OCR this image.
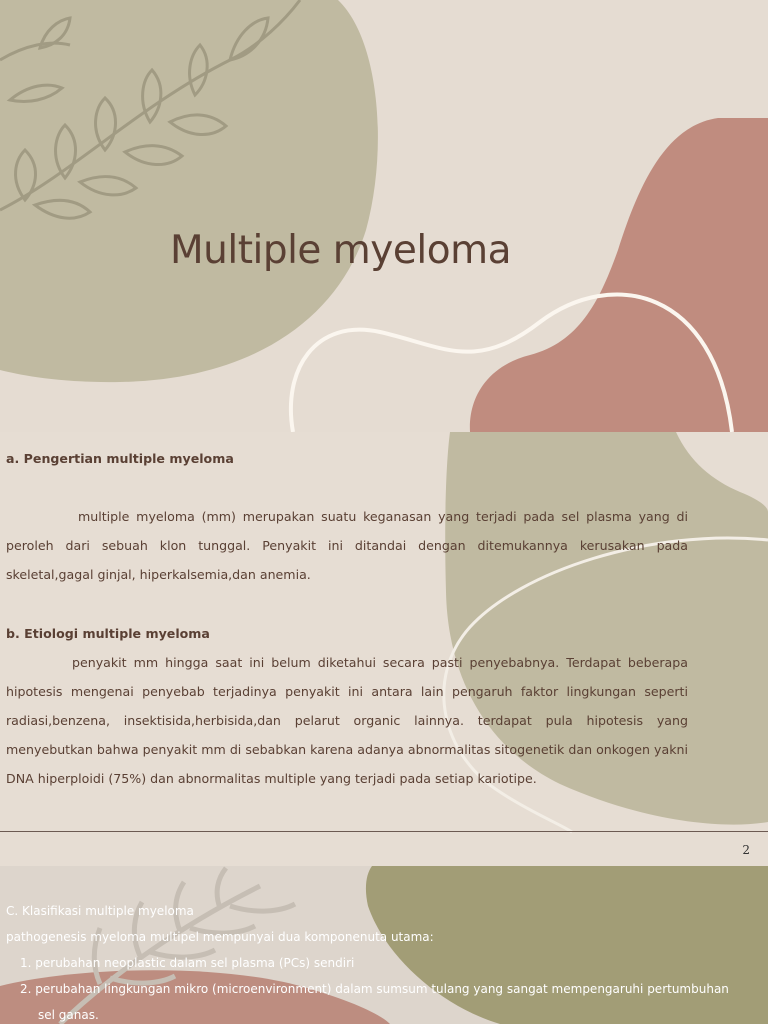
Multiple myeloma

a. Pengertian multiple myeloma

multiple myeloma (mm) merupakan suatu keganasan yang terjadi pada sel plasma yang di peroleh dari sebuah klon tunggal. Penyakit ini ditandai dengan ditemukannya kerusakan pada skeletal,gagal ginjal, hiperkalsemia,dan anemia.

b. Etiologi multiple myeloma

penyakit mm hingga saat ini belum diketahui secara pasti penyebabnya. Terdapat beberapa hipotesis mengenai penyebab terjadinya penyakit ini antara lain pengaruh faktor lingkungan seperti radiasi,benzena, insektisida,herbisida,dan pelarut organic lainnya. terdapat pula hipotesis yang menyebutkan bahwa penyakit mm di sebabkan karena adanya abnormalitas sitogenetik dan onkogen yakni DNA hiperploidi (75%) dan abnormalitas multiple yang terjadi pada setiap kariotipe.

2

C. Klasifikasi multiple myeloma

pathogenesis myeloma multipel mempunyai dua komponenuta utama:

1. perubahan neoplastic dalam sel plasma (PCs) sendiri

2. perubahan lingkungan mikro (microenvironment) dalam sumsum tulang yang sangat mempengaruhi pertumbuhan

sel ganas.
